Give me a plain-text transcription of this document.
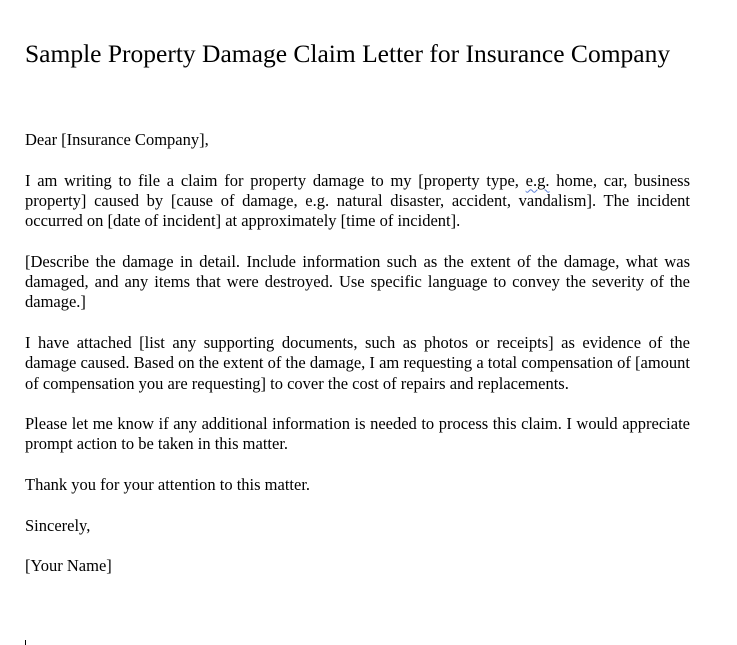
Sample Property Damage Claim Letter for Insurance Company

Dear [Insurance Company],

I am writing to file a claim for property damage to my [property type, e.g. home, car, business property] caused by [cause of damage, e.g. natural disaster, accident, vandalism]. The incident occurred on [date of incident] at approximately [time of incident].

[Describe the damage in detail. Include information such as the extent of the damage, what was damaged, and any items that were destroyed. Use specific language to convey the severity of the damage.]

I have attached [list any supporting documents, such as photos or receipts] as evidence of the damage caused. Based on the extent of the damage, I am requesting a total compensation of [amount of compensation you are requesting] to cover the cost of repairs and replacements.

Please let me know if any additional information is needed to process this claim. I would appreciate prompt action to be taken in this matter.

Thank you for your attention to this matter.

Sincerely,

[Your Name]
